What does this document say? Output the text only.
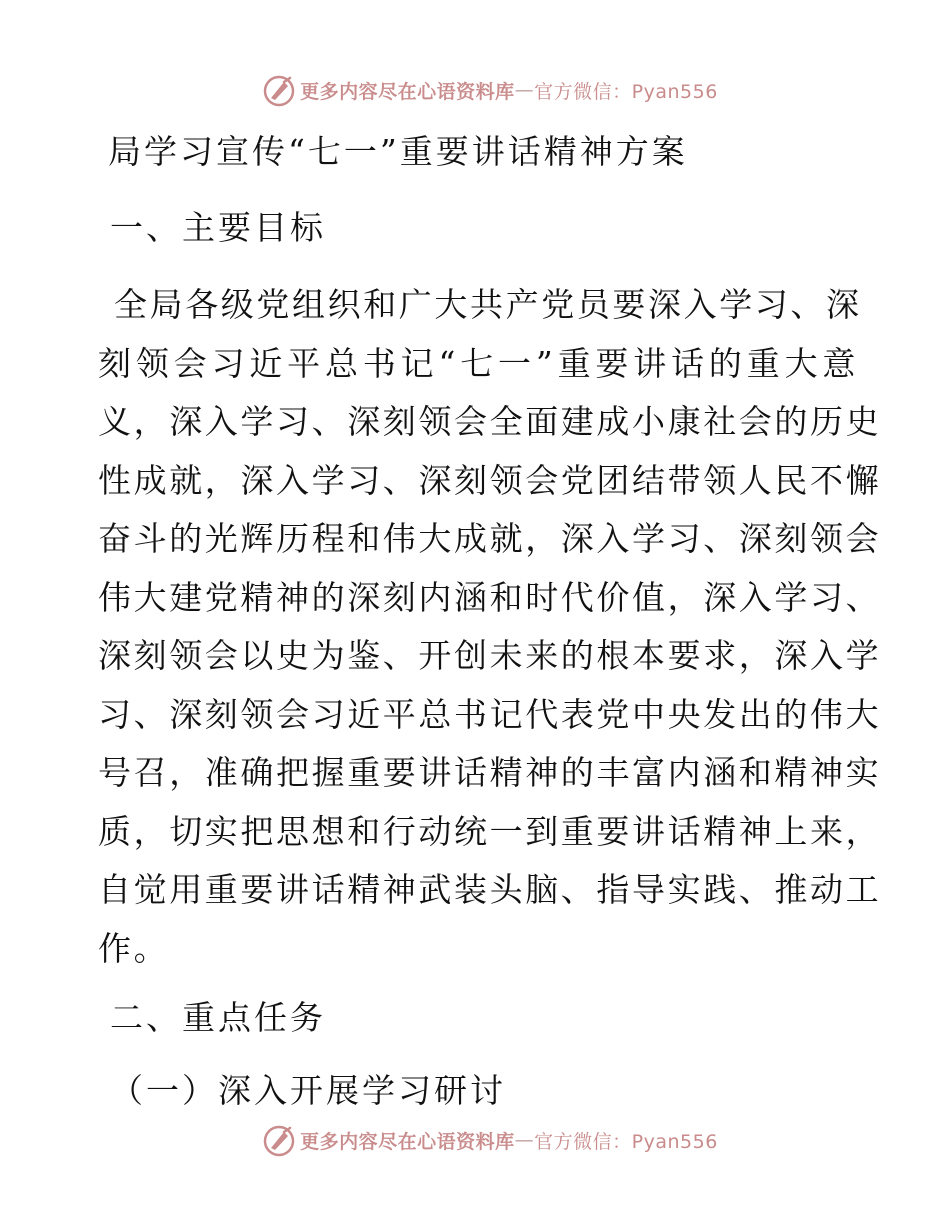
更多内容尽在心语资料库 — 官方微信：Pyan556
局学习宣传“七一”重要讲话精神方案
一、主要目标
全局各级党组织和广大共产党员要深入学习、深
刻领会习近平总书记“七一”重要讲话的重大意
义，深入学习、深刻领会全面建成小康社会的历史
性成就，深入学习、深刻领会党团结带领人民不懈
奋斗的光辉历程和伟大成就，深入学习、深刻领会
伟大建党精神的深刻内涵和时代价值，深入学习、
深刻领会以史为鉴、开创未来的根本要求，深入学
习、深刻领会习近平总书记代表党中央发出的伟大
号召，准确把握重要讲话精神的丰富内涵和精神实
质，切实把思想和行动统一到重要讲话精神上来，
自觉用重要讲话精神武装头脑、指导实践、推动工
作。
二、重点任务
（一）深入开展学习研讨
更多内容尽在心语资料库 — 官方微信：Pyan556
